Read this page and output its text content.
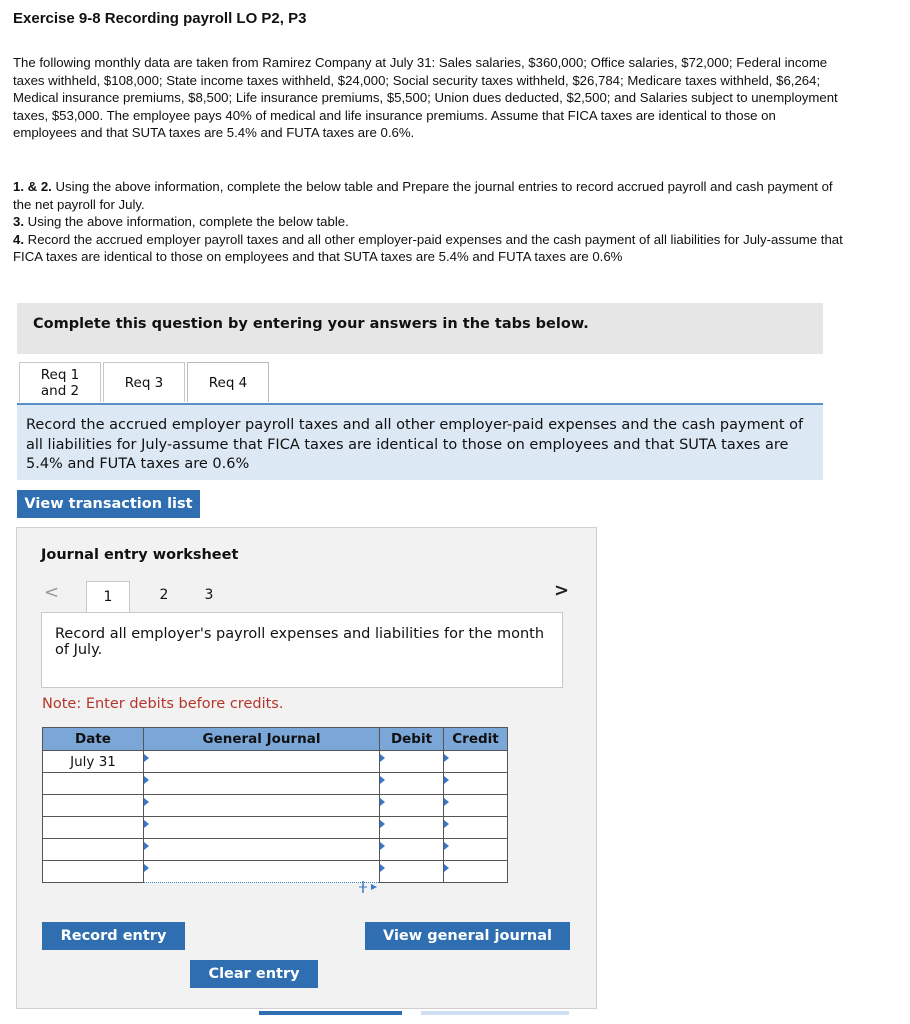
Exercise 9-8 Recording payroll LO P2, P3

The following monthly data are taken from Ramirez Company at July 31: Sales salaries, $360,000; Office salaries, $72,000; Federal income taxes withheld, $108,000; State income taxes withheld, $24,000; Social security taxes withheld, $26,784; Medicare taxes withheld, $6,264; Medical insurance premiums, $8,500; Life insurance premiums, $5,500; Union dues deducted, $2,500; and Salaries subject to unemployment taxes, $53,000. The employee pays 40% of medical and life insurance premiums. Assume that FICA taxes are identical to those on employees and that SUTA taxes are 5.4% and FUTA taxes are 0.6%.

1. & 2. Using the above information, complete the below table and Prepare the journal entries to record accrued payroll and cash payment of the net payroll for July.

3. Using the above information, complete the below table.

4. Record the accrued employer payroll taxes and all other employer-paid expenses and the cash payment of all liabilities for July-assume that FICA taxes are identical to those on employees and that SUTA taxes are 5.4% and FUTA taxes are 0.6%

Complete this question by entering your answers in the tabs below.
Req 1
and 2	Req 3	Req 4
Record the accrued employer payroll taxes and all other employer-paid expenses and the cash payment of all liabilities for July-assume that FICA taxes are identical to those on employees and that SUTA taxes are 5.4% and FUTA taxes are 0.6%
View transaction list
Journal entry worksheet
<	1	2	3	>
Record all employer's payroll expenses and liabilities for the month of July.
Note: Enter debits before credits.
Date	General Journal	Debit	Credit
July 31			

Record entry	View general journal
Clear entry
